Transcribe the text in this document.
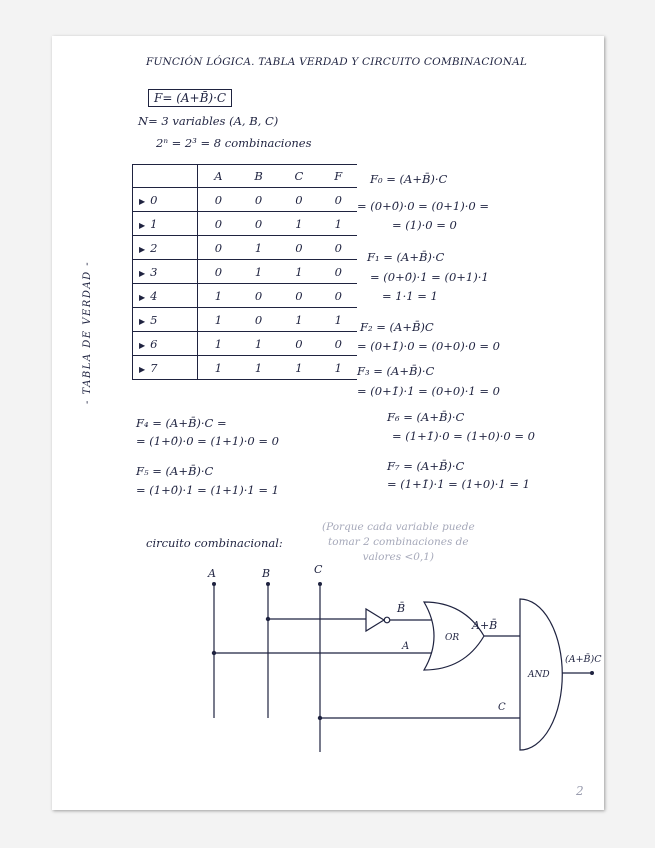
FUNCIÓN LÓGICA. TABLA VERDAD Y CIRCUITO COMBINACIONAL
F= (A+B̄)·C
N= 3 variables (A, B, C)
2ⁿ = 2³ = 8 combinaciones
- TABLA DE VERDAD -
	A	B	C	F
▶ 0	0	0	0	0
▶ 1	0	0	1	1
▶ 2	0	1	0	0
▶ 3	0	1	1	0
▶ 4	1	0	0	0
▶ 5	1	0	1	1
▶ 6	1	1	0	0
▶ 7	1	1	1	1
F₀ = (A+B̄)·C
= (0+0̄)·0 = (0+1)·0 =
= (1)·0 = 0
F₁ = (A+B̄)·C
= (0+0̄)·1 = (0+1)·1
= 1·1 = 1
F₂ = (A+B̄)C
= (0+1̄)·0 = (0+0)·0 = 0
F₃ = (A+B̄)·C
= (0+1̄)·1 = (0+0)·1 = 0
F₄ = (A+B̄)·C =
= (1+0̄)·0 = (1+1)·0 = 0
F₅ = (A+B̄)·C
= (1+0̄)·1 = (1+1)·1 = 1
F₆ = (A+B̄)·C
= (1+1̄)·0 = (1+0)·0 = 0
F₇ = (A+B̄)·C
= (1+1̄)·1 = (1+0)·1 = 1
circuito combinacional:
(Porque cada variable puede
tomar 2 combinaciones de
valores <0,1)
A	B	C
B̄
OR
A+B̄
A
C
AND
(A+B̄)C
2
